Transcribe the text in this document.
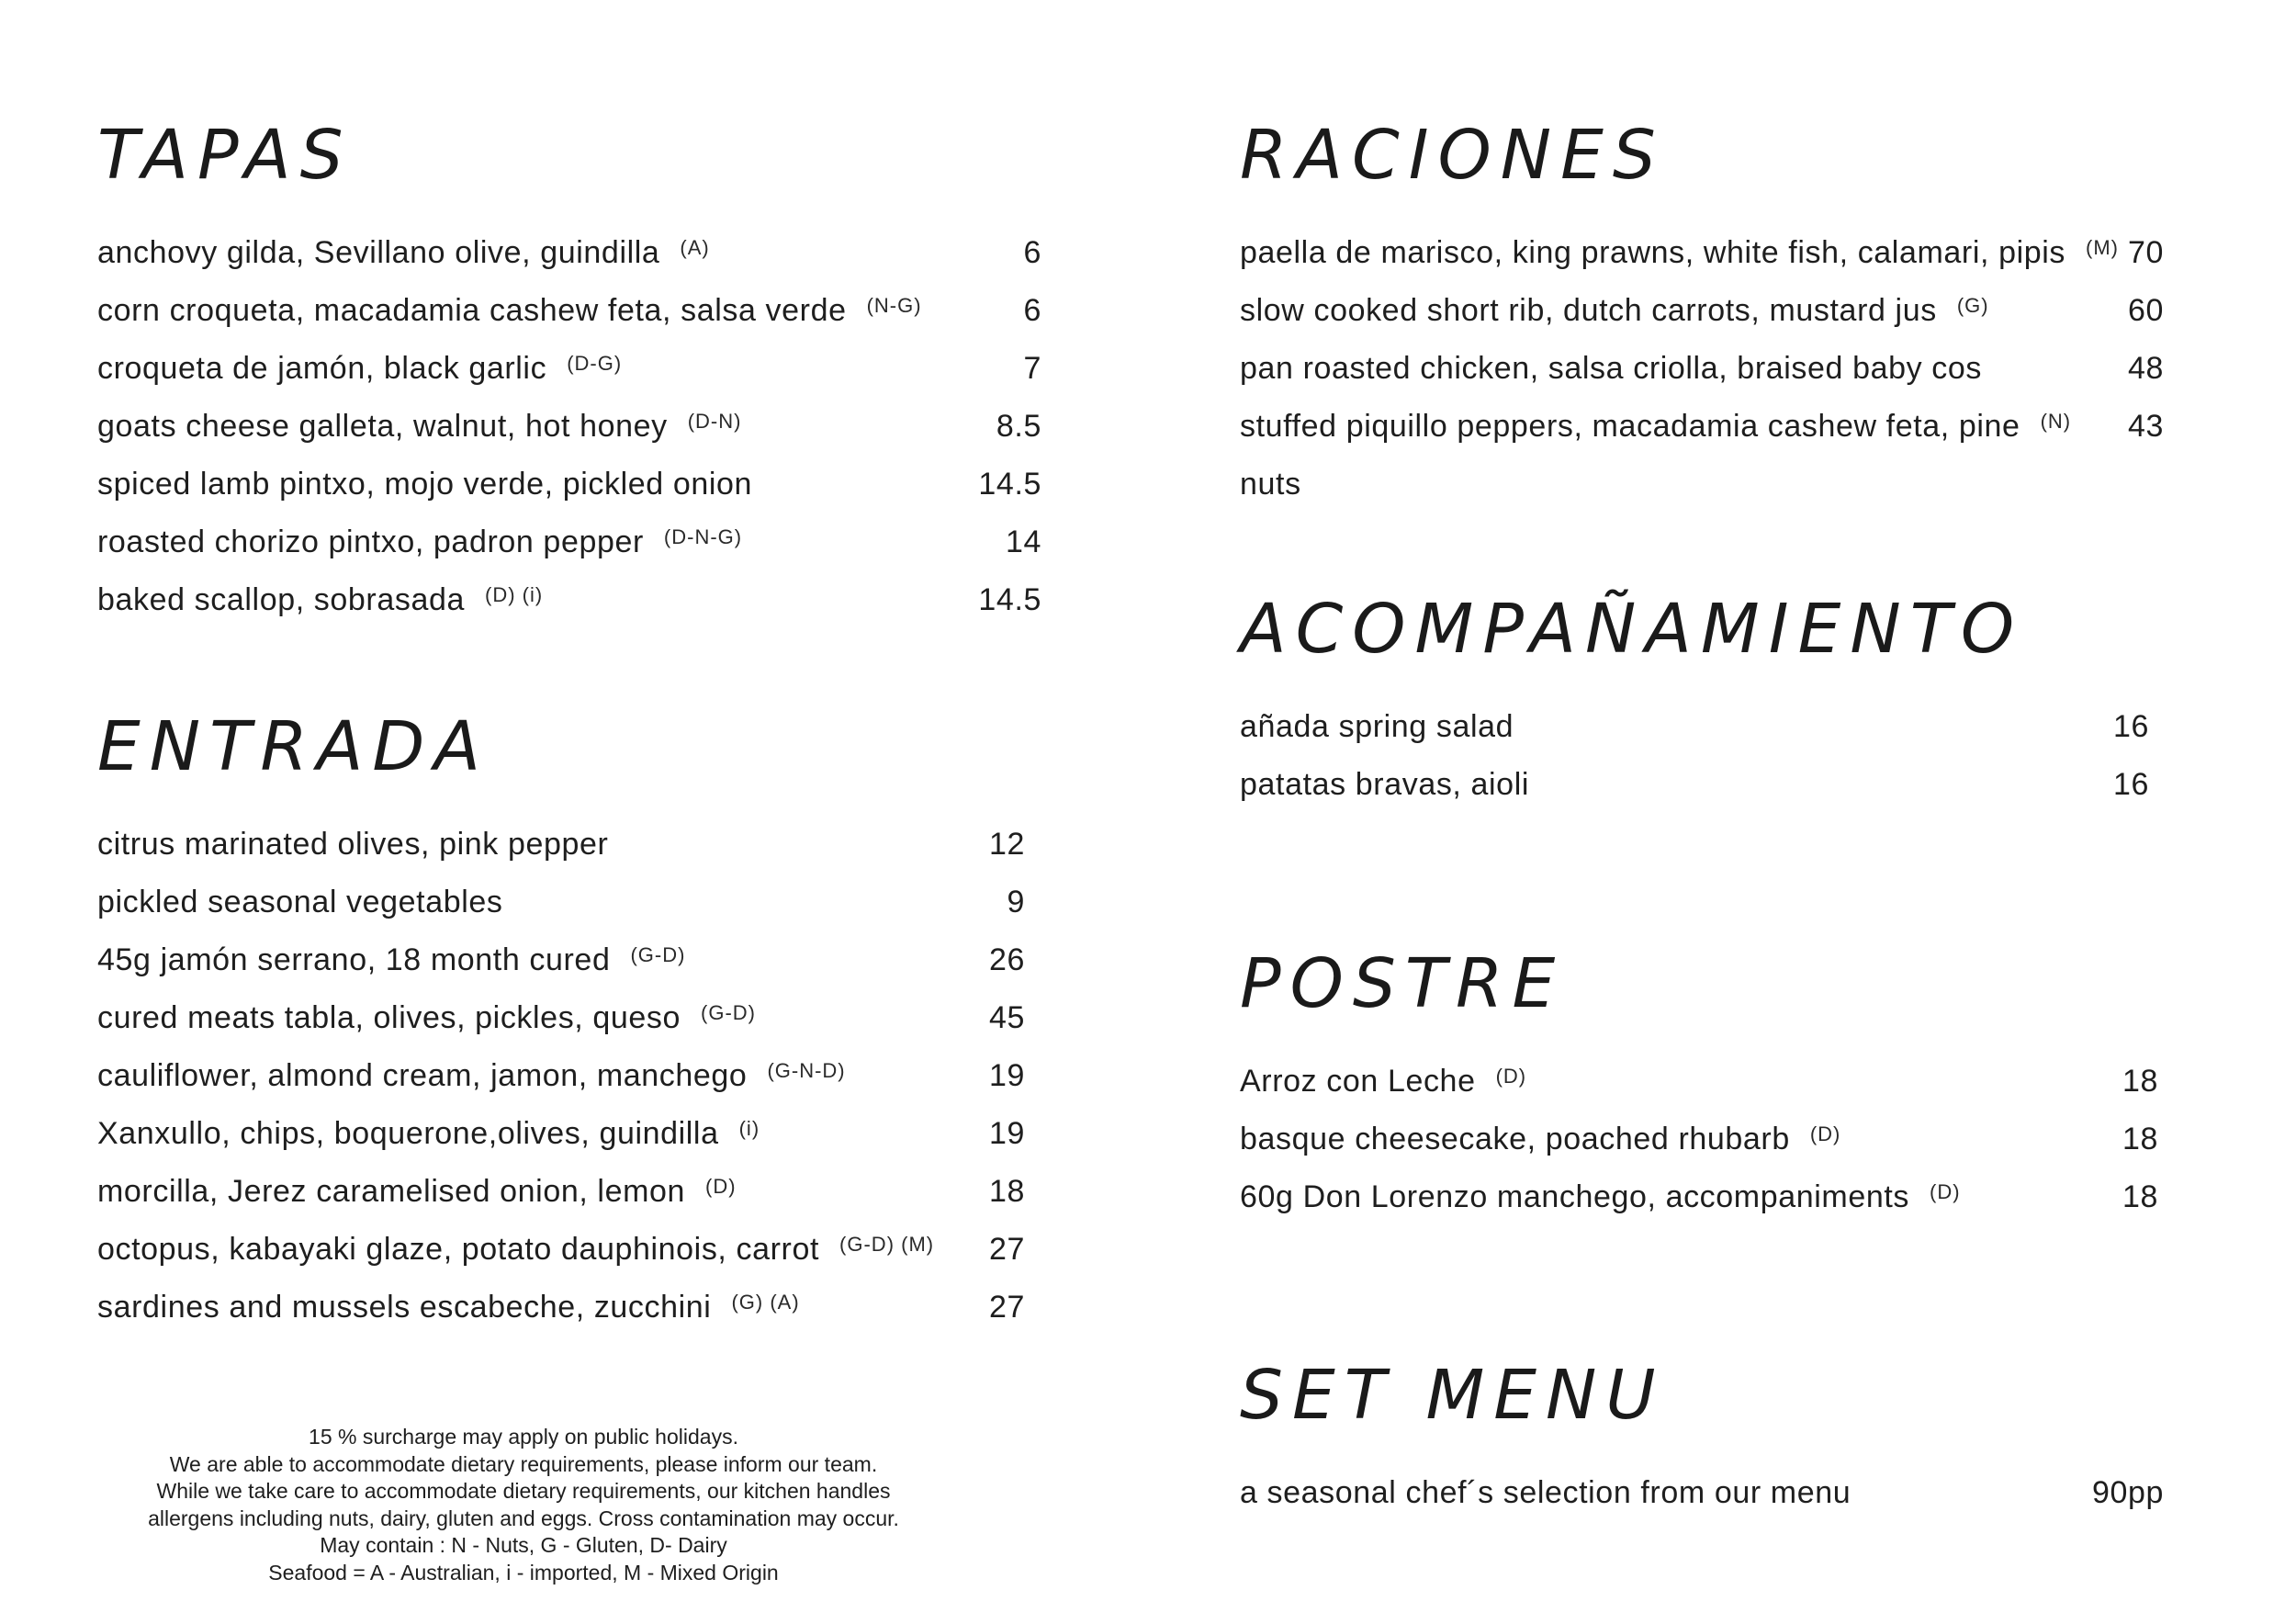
TAPAS
anchovy gilda, Sevillano olive, guindilla (A)	6
corn croqueta, macadamia cashew feta, salsa verde (N-G)	6
croqueta de jamón, black garlic (D-G)	7
goats cheese galleta, walnut, hot honey (D-N)	8.5
spiced lamb pintxo, mojo verde, pickled onion	14.5
roasted chorizo pintxo, padron pepper (D-N-G)	14
baked scallop, sobrasada (D) (i)	14.5
ENTRADA
citrus marinated olives, pink pepper	12
pickled seasonal vegetables	9
45g jamón serrano, 18 month cured (G-D)	26
cured meats tabla, olives, pickles, queso (G-D)	45
cauliflower, almond cream, jamon, manchego (G-N-D)	19
Xanxullo, chips, boquerone,olives, guindilla (i)	19
morcilla, Jerez caramelised onion, lemon (D)	18
octopus, kabayaki glaze, potato dauphinois, carrot (G-D) (M) 27
sardines and mussels escabeche, zucchini (G) (A)	27
15 % surcharge may apply on public holidays.
We are able to accommodate dietary requirements, please inform our team.
While we take care to accommodate dietary requirements, our kitchen handles
allergens including nuts, dairy, gluten and eggs. Cross contamination may occur.
May contain : N - Nuts, G - Gluten, D- Dairy
Seafood = A - Australian, i - imported, M - Mixed Origin
RACIONES
paella de marisco, king prawns, white fish, calamari, pipis (M) 70
slow cooked short rib, dutch carrots, mustard jus (G)	60
pan roasted chicken, salsa criolla, braised baby cos	48
stuffed piquillo peppers, macadamia cashew feta, pine (N) 43
nuts
ACOMPAÑAMIENTO
añada spring salad	16
patatas bravas, aioli	16
POSTRE
Arroz con Leche (D)	18
basque cheesecake, poached rhubarb (D)	18
60g Don Lorenzo manchego, accompaniments (D)	18
SET MENU
a seasonal chef´s selection from our menu	90pp
